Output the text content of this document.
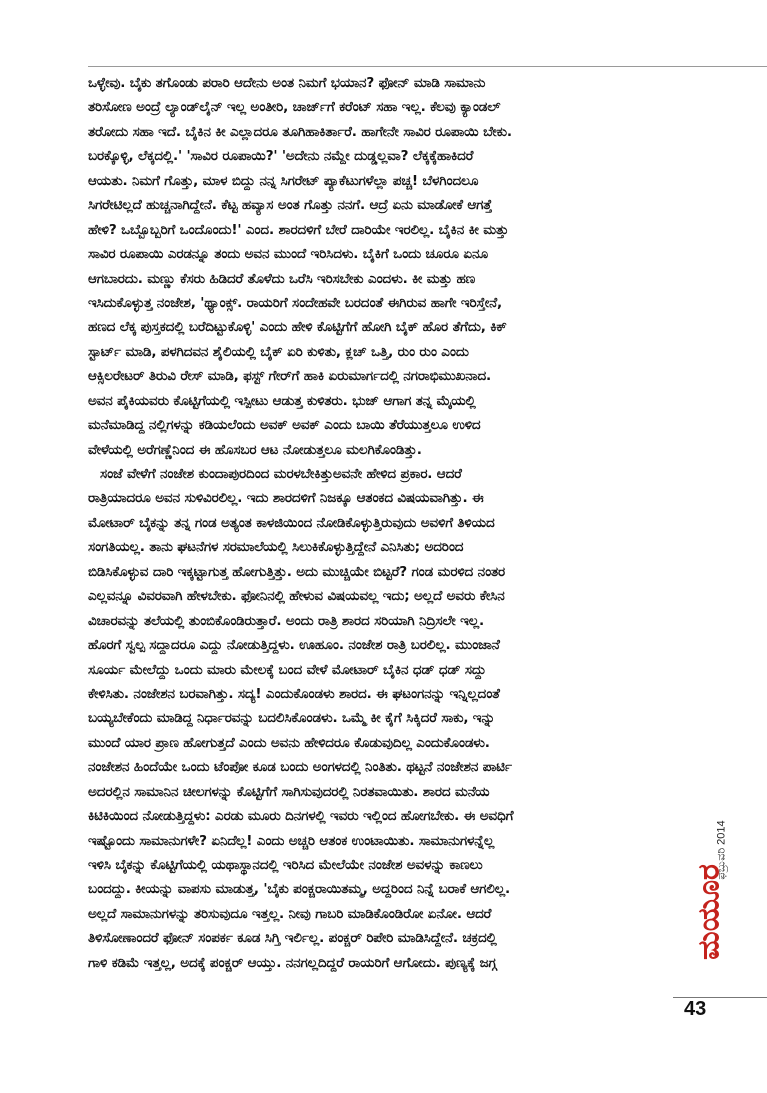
ಒಳ್ಳೇವು. ಬೈಕು ತಗೊಂಡು ಪರಾರಿ ಆದೇನು ಅಂತ ನಿಮಗೆ ಭಯಾನ? ಫೋನ್ ಮಾಡಿ ಸಾಮಾನು
ತರಿಸೋಣ ಅಂದ್ರೆ ಲ್ಯಾಂಡ್‌ಲೈನ್ ಇಲ್ಲ ಅಂತೀರಿ, ಚಾರ್ಜ್‌ಗೆ ಕರೆಂಟ್ ಸಹಾ ಇಲ್ಲ. ಕೆಲವು ಕ್ಯಾಂಡಲ್
ತರೋದು ಸಹಾ ಇದೆ. ಬೈಕಿನ ಕೀ ಎಲ್ಲಾದರೂ ತೂಗಿಹಾಕಿರ್ತಾರೆ. ಹಾಗೇನೇ ಸಾವಿರ ರೂಪಾಯಿ ಬೇಕು.
ಬರಕ್ಕೊಳ್ಳಿ, ಲೆಕ್ಕದಲ್ಲಿ.' 'ಸಾವಿರ ರೂಪಾಯಿ?' 'ಅದೇನು ನಮ್ದೇ ದುಡ್ಡಲ್ಲವಾ? ಲೆಕ್ಕಕ್ಕೆಹಾಕಿದರೆ
ಆಯತು. ನಿಮಗೆ ಗೊತ್ತು, ಮಾಳ ಬಿದ್ದು ನನ್ನ ಸಿಗರೇಟ್ ಪ್ಯಾಕೆಟುಗಳೆಲ್ಲಾ ಪಚ್ಚ! ಬೆಳಗಿಂದಲೂ
ಸಿಗರೇಟಿಲ್ಲದೆ ಹುಚ್ಚನಾಗಿದ್ದೇನೆ. ಕೆಟ್ಟ ಹವ್ಯಾಸ ಅಂತ ಗೊತ್ತು ನನಗೆ. ಆದ್ರೆ ಏನು ಮಾಡೋಕೆ ಆಗತ್ತೆ
ಹೇಳಿ? ಒಬ್ಬೊಬ್ಬರಿಗೆ ಒಂದೊಂದು!' ಎಂದ. ಶಾರದಳಿಗೆ ಬೇರೆ ದಾರಿಯೇ ಇರಲಿಲ್ಲ. ಬೈಕಿನ ಕೀ ಮತ್ತು
ಸಾವಿರ ರೂಪಾಯಿ ಎರಡನ್ನೂ ತಂದು ಅವನ ಮುಂದೆ ಇರಿಸಿದಳು. ಬೈಕಿಗೆ ಒಂದು ಚೂರೂ ಏನೂ
ಆಗಬಾರದು. ಮಣ್ಣು ಕೆಸರು ಹಿಡಿದರೆ ತೊಳೆದು ಒರೆಸಿ ಇರಿಸಬೇಕು ಎಂದಳು. ಕೀ ಮತ್ತು ಹಣ
ಇಸಿದುಕೊಳ್ಳುತ್ತ ನಂಜೇಶ, 'ಥ್ಯಾಂಕ್ಸ್. ರಾಯರಿಗೆ ಸಂದೇಹವೇ ಬರದಂತೆ ಈಗಿರುವ ಹಾಗೇ ಇರಿಸ್ತೇನೆ,
ಹಣದ ಲೆಕ್ಕ ಪುಸ್ತಕದಲ್ಲಿ ಬರೆದಿಟ್ಟುಕೊಳ್ಳಿ' ಎಂದು ಹೇಳಿ ಕೊಟ್ಟಿಗೆಗೆ ಹೋಗಿ ಬೈಕ್ ಹೊರ ತೆಗೆದು, ಕಿಕ್
ಸ್ಟಾರ್ಟ್ ಮಾಡಿ, ಪಳಗಿದವನ ಶೈಲಿಯಲ್ಲಿ ಬೈಕ್ ಏರಿ ಕುಳಿತು, ಕ್ಲಚ್ ಒತ್ತಿ, ರುಂ ರುಂ ಎಂದು
ಆಕ್ಸಿಲರೇಟರ್ ತಿರುವಿ ರೇಸ್ ಮಾಡಿ, ಫಸ್ಟ್ ಗೇರ್‌ಗೆ ಹಾಕಿ ಏರುಮಾರ್ಗದಲ್ಲಿ ನಗರಾಭಿಮುಖನಾದ.
ಅವನ ಪೈಕಿಯವರು ಕೊಟ್ಟಿಗೆಯಲ್ಲಿ ಇಸ್ಪೀಟು ಆಡುತ್ತ ಕುಳಿತರು. ಭುಜ್ ಆಗಾಗ ತನ್ನ ಮೈಯಲ್ಲಿ
ಮನೆಮಾಡಿದ್ದ ನಲ್ಲಿಗಳನ್ನು ಕಡಿಯಲೆಂದು ಅವಕ್ ಅವಕ್ ಎಂದು ಬಾಯಿ ತೆರೆಯುತ್ತಲೂ ಉಳಿದ
ವೇಳೆಯಲ್ಲಿ ಅರೆಗಣ್ಣೆನಿಂದ ಈ ಹೊಸಬರ ಆಟ ನೋಡುತ್ತಲೂ ಮಲಗಿಕೊಂಡಿತ್ತು.
ಸಂಜೆ ವೇಳೆಗೆ ನಂಜೇಶ ಕುಂದಾಪುರದಿಂದ ಮರಳಬೇಕಿತ್ತುಅವನೇ ಹೇಳಿದ ಪ್ರಕಾರ. ಆದರೆ
ರಾತ್ರಿಯಾದರೂ ಅವನ ಸುಳಿವಿರಲಿಲ್ಲ. ಇದು ಶಾರದಳಿಗೆ ನಿಜಕ್ಕೂ ಆತಂಕದ ವಿಷಯವಾಗಿತ್ತು. ಈ
ಮೋಟಾರ್ ಬೈಕನ್ನು ತನ್ನ ಗಂಡ ಅತ್ಯಂತ ಕಾಳಜಿಯಿಂದ ನೋಡಿಕೊಳ್ಳುತ್ತಿರುವುದು ಅವಳಿಗೆ ತಿಳಿಯದ
ಸಂಗತಿಯಲ್ಲ. ತಾನು ಘಟನೆಗಳ ಸರಮಾಲೆಯಲ್ಲಿ ಸಿಲುಕಿಕೊಳ್ಳುತ್ತಿದ್ದೇನೆ ಎನಿಸಿತು; ಅದರಿಂದ
ಬಿಡಿಸಿಕೊಳ್ಳುವ ದಾರಿ ಇಕ್ಕಟ್ಟಾಗುತ್ತ ಹೋಗುತ್ತಿತ್ತು. ಅದು ಮುಚ್ಚಿಯೇ ಬಿಟ್ಟರೆ? ಗಂಡ ಮರಳಿದ ನಂತರ
ಎಲ್ಲವನ್ನೂ ವಿವರವಾಗಿ ಹೇಳಬೇಕು. ಫೋನಿನಲ್ಲಿ ಹೇಳುವ ವಿಷಯವಲ್ಲ ಇದು; ಅಲ್ಲದೆ ಅವರು ಕೇಸಿನ
ವಿಚಾರವನ್ನು ತಲೆಯಲ್ಲಿ ತುಂಬಿಕೊಂಡಿರುತ್ತಾರೆ. ಅಂದು ರಾತ್ರಿ ಶಾರದ ಸರಿಯಾಗಿ ನಿದ್ರಿಸಲೇ ಇಲ್ಲ.
ಹೊರಗೆ ಸ್ವಲ್ಪ ಸದ್ದಾದರೂ ಎದ್ದು ನೋಡುತ್ತಿದ್ದಳು. ಊಹೂಂ. ನಂಜೇಶ ರಾತ್ರಿ ಬರಲಿಲ್ಲ. ಮುಂಜಾನೆ
ಸೂರ್ಯ ಮೇಲೆದ್ದು ಒಂದು ಮಾರು ಮೇಲಕ್ಕೆ ಬಂದ ವೇಳೆ ಮೋಟಾರ್ ಬೈಕಿನ ಧಡ್ ಧಡ್ ಸದ್ದು
ಕೇಳಿಸಿತು. ನಂಜೇಶನ ಬರವಾಗಿತ್ತು. ಸದ್ಯ! ಎಂದುಕೊಂಡಳು ಶಾರದ. ಈ ಘಟಂಗನನ್ನು ಇನ್ನಿಲ್ಲದಂತೆ
ಬಯ್ಯಬೇಕೆಂದು ಮಾಡಿದ್ದ ನಿರ್ಧಾರವನ್ನು ಬದಲಿಸಿಕೊಂಡಳು. ಒಮ್ಮೆ ಕೀ ಕೈಗೆ ಸಿಕ್ಕಿದರೆ ಸಾಕು, ಇನ್ನು
ಮುಂದೆ ಯಾರ ಪ್ರಾಣ ಹೋಗುತ್ತದೆ ಎಂದು ಅವನು ಹೇಳಿದರೂ ಕೊಡುವುದಿಲ್ಲ ಎಂದುಕೊಂಡಳು.
ನಂಜೇಶನ ಹಿಂದೆಯೇ ಒಂದು ಟೆಂಪೋ ಕೂಡ ಬಂದು ಅಂಗಳದಲ್ಲಿ ನಿಂತಿತು. ಥಟ್ಟನೆ ನಂಜೇಶನ ಪಾರ್ಟಿ
ಅದರಲ್ಲಿನ ಸಾಮಾನಿನ ಚೀಲಗಳನ್ನು ಕೊಟ್ಟಿಗೆಗೆ ಸಾಗಿಸುವುದರಲ್ಲಿ ನಿರತವಾಯಿತು. ಶಾರದ ಮನೆಯ
ಕಿಟಿಕಿಯಿಂದ ನೋಡುತ್ತಿದ್ದಳು: ಎರಡು ಮೂರು ದಿನಗಳಲ್ಲಿ ಇವರು ಇಲ್ಲಿಂದ ಹೋಗಬೇಕು. ಈ ಅವಧಿಗೆ
ಇಷ್ಟೊಂದು ಸಾಮಾನುಗಳೇ? ಏನಿದೆಲ್ಲ! ಎಂದು ಅಚ್ಚರಿ ಆತಂಕ ಉಂಟಾಯಿತು. ಸಾಮಾನುಗಳನ್ನೆಲ್ಲ
ಇಳಿಸಿ ಬೈಕನ್ನು ಕೊಟ್ಟಿಗೆಯಲ್ಲಿ ಯಥಾಸ್ಥಾನದಲ್ಲಿ ಇರಿಸಿದ ಮೇಲೆಯೇ ನಂಜೇಶ ಅವಳನ್ನು ಕಾಣಲು
ಬಂದದ್ದು. ಕೀಯನ್ನು ವಾಪಸು ಮಾಡುತ್ತ, 'ಬೈಕು ಪಂಕ್ಚರಾಯಿತಮ್ಮ, ಅದ್ದರಿಂದ ನಿನ್ನೆ ಬರಾಕೆ ಆಗಲಿಲ್ಲ.
ಅಲ್ಲದೆ ಸಾಮಾನುಗಳನ್ನು ತರಿಸುವುದೂ ಇತ್ತಲ್ಲ. ನೀವು ಗಾಬರಿ ಮಾಡಿಕೊಂಡಿರೋ ಏನೋ. ಆದರೆ
ತಿಳಿಸೋಣಾಂದರೆ ಫೋನ್ ಸಂಪರ್ಕ ಕೂಡ ಸಿಗ್ತಿ ಇರ್ಲಿಲ್ಲ. ಪಂಕ್ಚರ್ ರಿಪೇರಿ ಮಾಡಿಸಿದ್ದೇನೆ. ಚಕ್ರದಲ್ಲಿ
ಗಾಳಿ ಕಡಿಮೆ ಇತ್ತಲ್ಲ, ಅದಕ್ಕೆ ಪಂಕ್ಚರ್ ಆಯ್ತು. ನನಗಲ್ಲದಿದ್ದರೆ ರಾಯರಿಗೆ ಆಗೋದು. ಪುಣ್ಯಕ್ಕೆ ಜಗ್ಗ
ಫೆಬ್ರುವರಿ 2014
ಮಯೂರ
43
